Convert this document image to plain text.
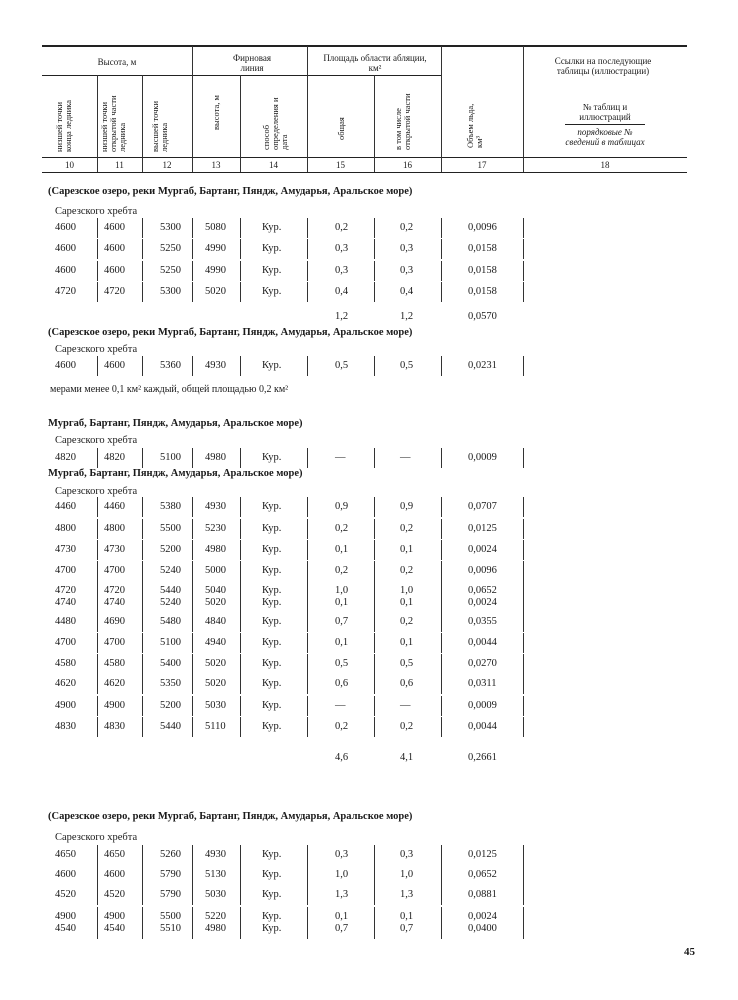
Высота, м	Фирновая линия
Площадь области абляции, км²
Ссылки на последующие таблицы (иллюстрации)
низшей точки конца ледника	низшей точки открытой части ледника	высшей точки ледника
высота, м
способ определения и дата
общая	в том числе открытой части	Объем льда, км³
№ таблиц и иллюстраций
порядковые № сведений в таблицах
10	11	12	13	14	15	16	17	18
(Сарезское озеро, реки Мургаб, Бартанг, Пяндж, Амударья, Аральское море)
Сарезского хребта
4600	4600	5300 5080	Кур.	0,2	0,2	0,0096
4600	4600	5250 4990	Кур.	0,3	0,3	0,0158
4600	4600	5250 4990	Кур.	0,3	0,3	0,0158
4720	4720	5300 5020	Кур.	0,4	0,4	0,0158
1,2	1,2	0,0570
(Сарезское озеро, реки Мургаб, Бартанг, Пяндж, Амударья, Аральское море)
Сарезского хребта
4600	4600	5360 4930	Кур.	0,5	0,5	0,0231
мерами менее 0,1 км² каждый, общей площадью 0,2 км²
Мургаб, Бартанг, Пяндж, Амударья, Аральское море)
Сарезского хребта
4820	4820	5100 4980	Кур.	—	—	0,0009
Мургаб, Бартанг, Пяндж, Амударья, Аральское море)
Сарезского хребта
4460	4460	5380 4930	Кур.	0,9	0,9	0,0707
4800	4800	5500 5230	Кур.	0,2	0,2	0,0125
4730	4730	5200 4980	Кур.	0,1	0,1	0,0024
4700	4700	5240 5000	Кур.	0,2	0,2	0,0096
4720	4720	5440 5040	Кур.	1,0	1,0	0,0652
4740	4740	5240 5020	Кур.	0,1	0,1	0,0024
4480	4690	5480 4840	Кур.	0,7	0,2	0,0355
4700	4700	5100 4940	Кур.	0,1	0,1	0,0044
4580	4580	5400 5020	Кур.	0,5	0,5	0,0270
4620	4620	5350 5020	Кур.	0,6	0,6	0,0311
4900	4900	5200 5030	Кур.	—	—	0,0009
4830	4830	5440 5110	Кур.	0,2	0,2	0,0044
4,6	4,1	0,2661
(Сарезское озеро, реки Мургаб, Бартанг, Пяндж, Амударья, Аральское море)
Сарезского хребта
4650	4650	5260 4930	Кур.	0,3	0,3	0,0125
4600	4600	5790 5130	Кур.	1,0	1,0	0,0652
4520	4520	5790 5030	Кур.	1,3	1,3	0,0881
4900	4900	5500 5220	Кур.	0,1	0,1	0,0024
4540	4540	5510 4980	Кур.	0,7	0,7	0,0400
45
